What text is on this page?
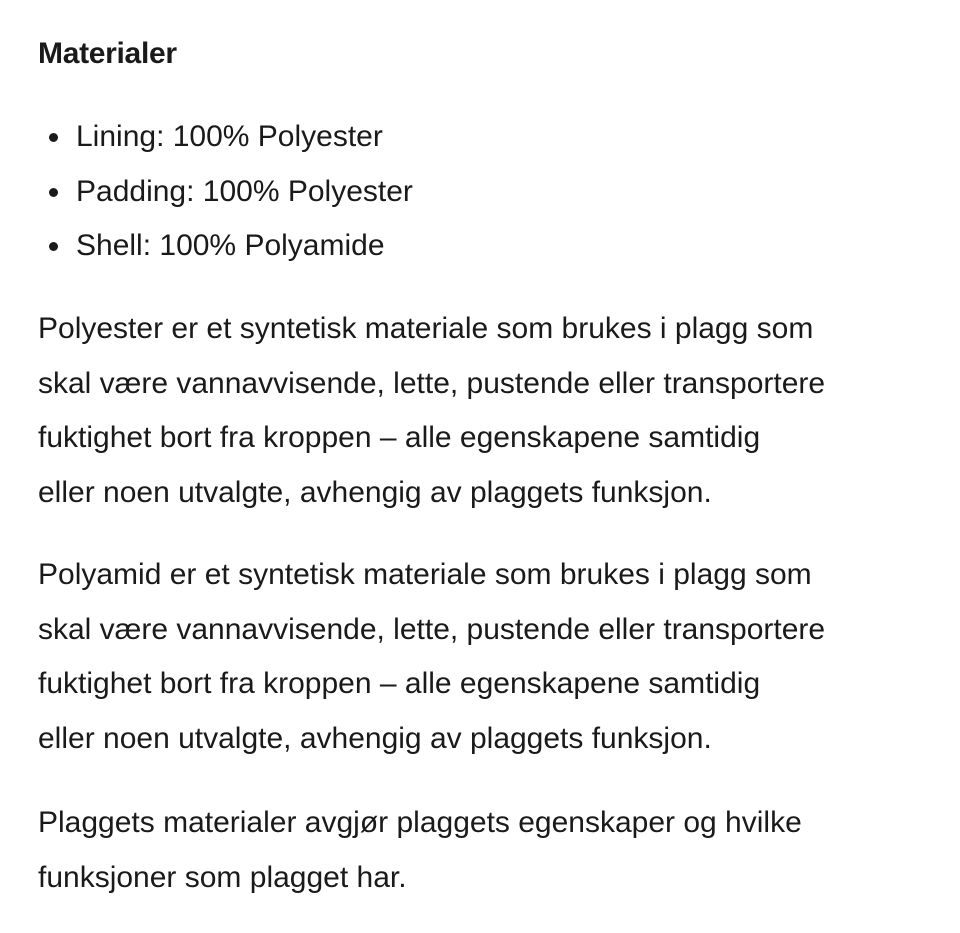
Materialer
Lining: 100% Polyester
Padding: 100% Polyester
Shell: 100% Polyamide

Polyester er et syntetisk materiale som brukes i plagg som
skal være vannavvisende, lette, pustende eller transportere
fuktighet bort fra kroppen – alle egenskapene samtidig
eller noen utvalgte, avhengig av plaggets funksjon.

Polyamid er et syntetisk materiale som brukes i plagg som
skal være vannavvisende, lette, pustende eller transportere
fuktighet bort fra kroppen – alle egenskapene samtidig
eller noen utvalgte, avhengig av plaggets funksjon.

Plaggets materialer avgjør plaggets egenskaper og hvilke
funksjoner som plagget har.
